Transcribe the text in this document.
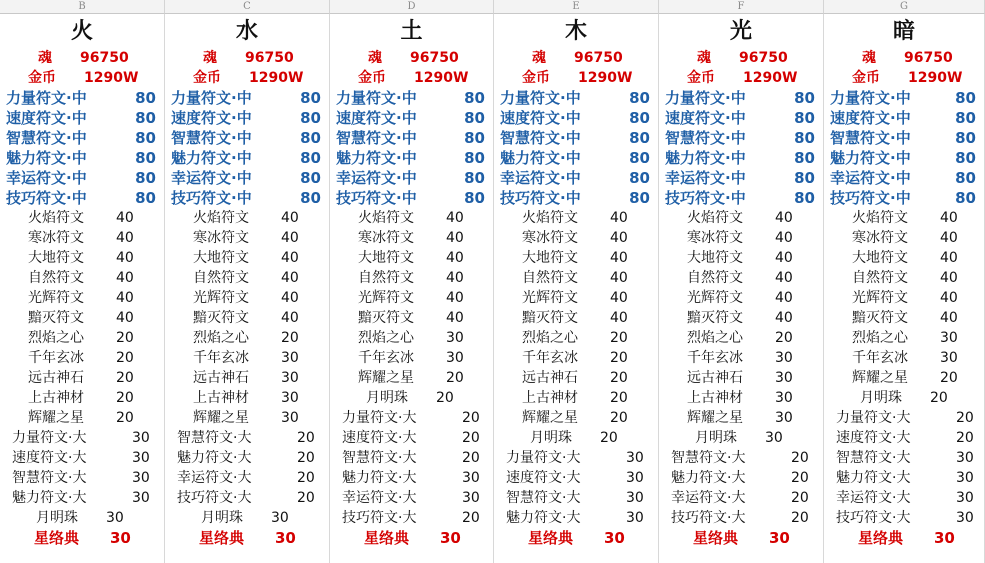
B
火
魂 96750
金币 1290W
力量符文·中	80
速度符文·中	80
智慧符文·中	80
魅力符文·中	80
幸运符文·中	80
技巧符文·中	80
火焰符文 40
寒冰符文 40
大地符文 40
自然符文 40
光辉符文 40
黯灭符文 40
烈焰之心 20
千年玄冰 20
远古神石 20
上古神材 20
辉耀之星 20
力量符文·大	30
速度符文·大	30
智慧符文·大	30
魅力符文·大	30
月明珠 30
星络典 30
C
水
魂 96750
金币 1290W
力量符文·中	80
速度符文·中	80
智慧符文·中	80
魅力符文·中	80
幸运符文·中	80
技巧符文·中	80
火焰符文 40
寒冰符文 40
大地符文 40
自然符文 40
光辉符文 40
黯灭符文 40
烈焰之心 20
千年玄冰 30
远古神石 30
上古神材 30
辉耀之星 30
智慧符文·大	20
魅力符文·大	20
幸运符文·大	20
技巧符文·大	20
月明珠 30
星络典 30
D
土
魂 96750
金币 1290W
力量符文·中	80
速度符文·中	80
智慧符文·中	80
魅力符文·中	80
幸运符文·中	80
技巧符文·中	80
火焰符文 40
寒冰符文 40
大地符文 40
自然符文 40
光辉符文 40
黯灭符文 40
烈焰之心 30
千年玄冰 30
辉耀之星 20
月明珠 20
力量符文·大	20
速度符文·大	20
智慧符文·大	20
魅力符文·大	30
幸运符文·大	30
技巧符文·大	20
星络典 30
E
木
魂 96750
金币 1290W
力量符文·中	80
速度符文·中	80
智慧符文·中	80
魅力符文·中	80
幸运符文·中	80
技巧符文·中	80
火焰符文 40
寒冰符文 40
大地符文 40
自然符文 40
光辉符文 40
黯灭符文 40
烈焰之心 20
千年玄冰 20
远古神石 20
上古神材 20
辉耀之星 20
月明珠 20
力量符文·大	30
速度符文·大	30
智慧符文·大	30
魅力符文·大	30
星络典 30
F
光
魂 96750
金币 1290W
力量符文·中	80
速度符文·中	80
智慧符文·中	80
魅力符文·中	80
幸运符文·中	80
技巧符文·中	80
火焰符文 40
寒冰符文 40
大地符文 40
自然符文 40
光辉符文 40
黯灭符文 40
烈焰之心 20
千年玄冰 30
远古神石 30
上古神材 30
辉耀之星 30
月明珠 30
智慧符文·大	20
魅力符文·大	20
幸运符文·大	20
技巧符文·大	20
星络典 30
G
暗
魂 96750
金币 1290W
力量符文·中	80
速度符文·中	80
智慧符文·中	80
魅力符文·中	80
幸运符文·中	80
技巧符文·中	80
火焰符文 40
寒冰符文 40
大地符文 40
自然符文 40
光辉符文 40
黯灭符文 40
烈焰之心 30
千年玄冰 30
辉耀之星 20
月明珠 20
力量符文·大	20
速度符文·大	20
智慧符文·大	30
魅力符文·大	30
幸运符文·大	30
技巧符文·大	30
星络典 30
